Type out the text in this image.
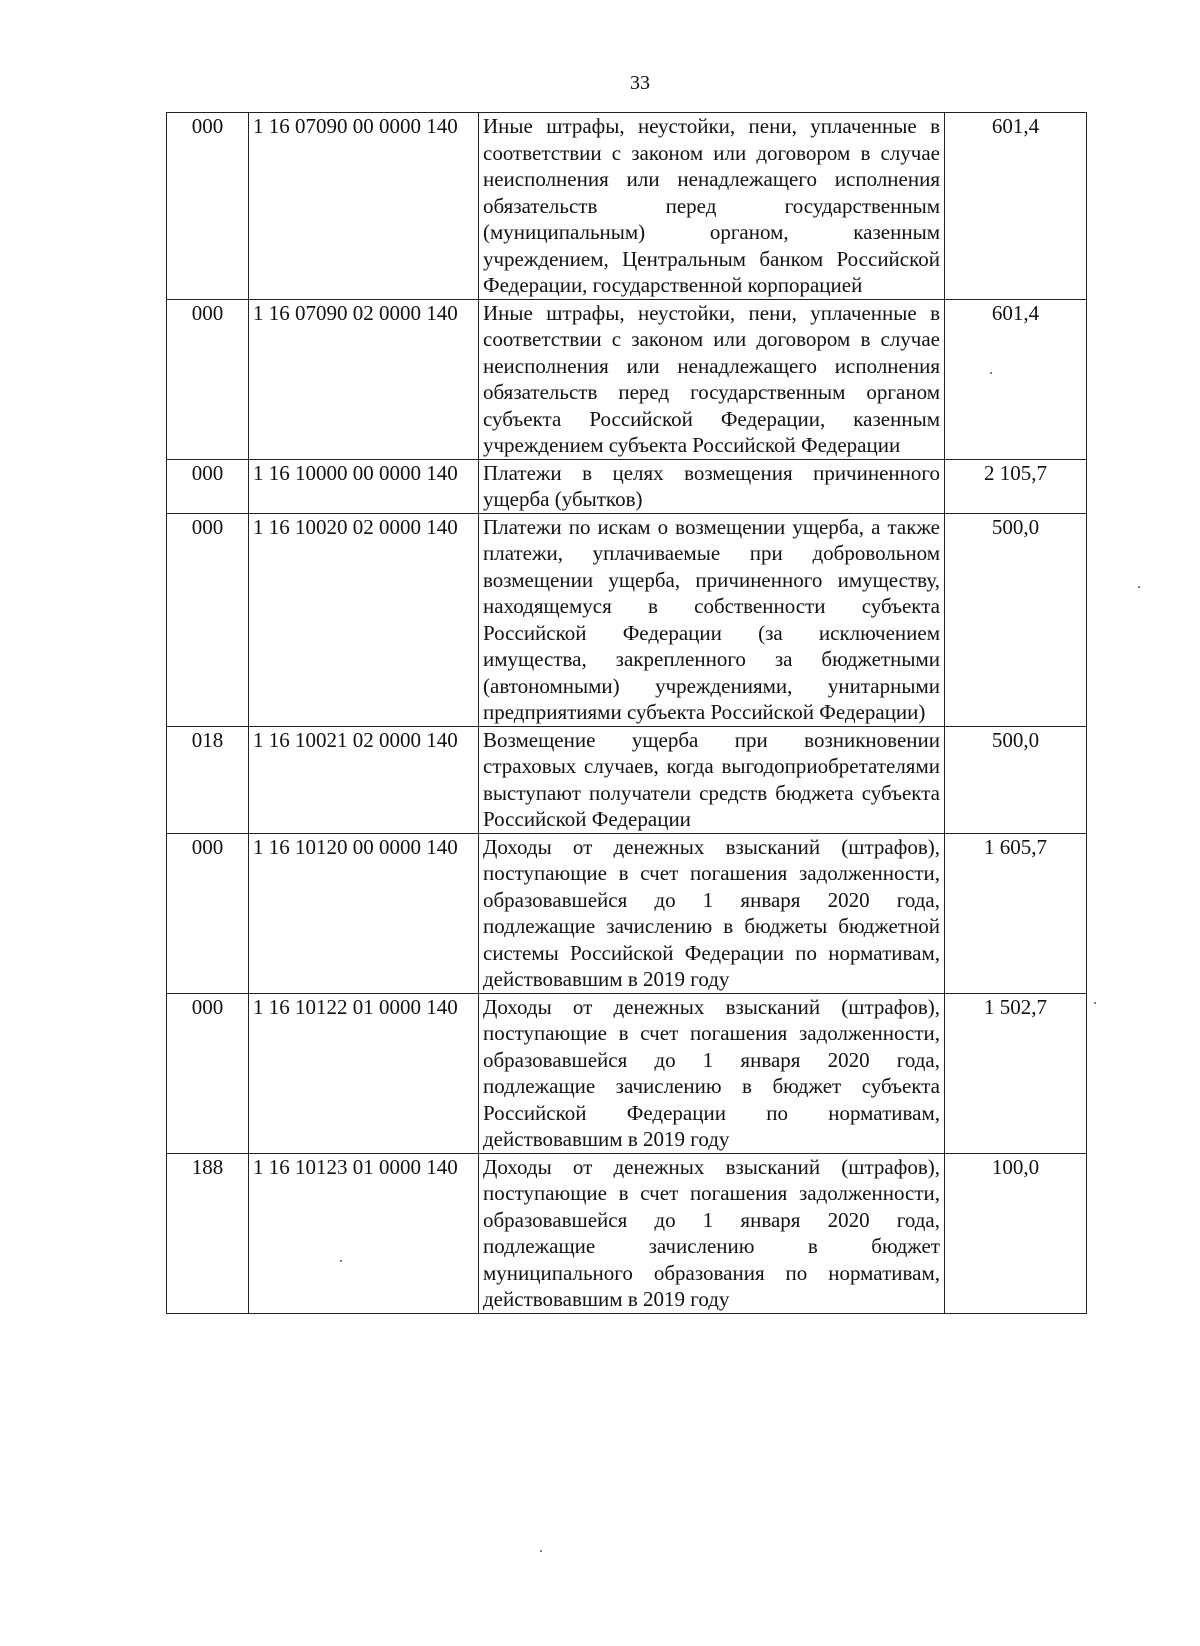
33
000	1 16 07090 00 0000 140	Иные штрафы, неустойки, пени, уплаченные в соответствии с законом или договором в случае неисполнения или ненадлежащего исполнения обязательств перед государственным (муниципальным) органом, казенным учреждением, Центральным банком Российской Федерации, государственной корпорацией	601,4
000	1 16 07090 02 0000 140	Иные штрафы, неустойки, пени, уплаченные в соответствии с законом или договором в случае неисполнения или ненадлежащего исполнения обязательств перед государственным органом субъекта Российской Федерации, казенным учреждением субъекта Российской Федерации	601,4
000	1 16 10000 00 0000 140	Платежи в целях возмещения причиненного ущерба (убытков)	2 105,7
000	1 16 10020 02 0000 140	Платежи по искам о возмещении ущерба, а также платежи, уплачиваемые при добровольном возмещении ущерба, причиненного имуществу, находящемуся в собственности субъекта Российской Федерации (за исключением имущества, закрепленного за бюджетными (автономными) учреждениями, унитарными предприятиями субъекта Российской Федерации)	500,0
018	1 16 10021 02 0000 140	Возмещение ущерба при возникновении страховых случаев, когда выгодоприобретателями выступают получатели средств бюджета субъекта Российской Федерации	500,0
000	1 16 10120 00 0000 140	Доходы от денежных взысканий (штрафов), поступающие в счет погашения задолженности, образовавшейся до 1 января 2020 года, подлежащие зачислению в бюджеты бюджетной системы Российской Федерации по нормативам, действовавшим в 2019 году	1 605,7
000	1 16 10122 01 0000 140	Доходы от денежных взысканий (штрафов), поступающие в счет погашения задолженности, образовавшейся до 1 января 2020 года, подлежащие зачислению в бюджет субъекта Российской Федерации по нормативам, действовавшим в 2019 году	1 502,7
188	1 16 10123 01 0000 140	Доходы от денежных взысканий (штрафов), поступающие в счет погашения задолженности, образовавшейся до 1 января 2020 года, подлежащие зачислению в бюджет муниципального образования по нормативам, действовавшим в 2019 году	100,0
